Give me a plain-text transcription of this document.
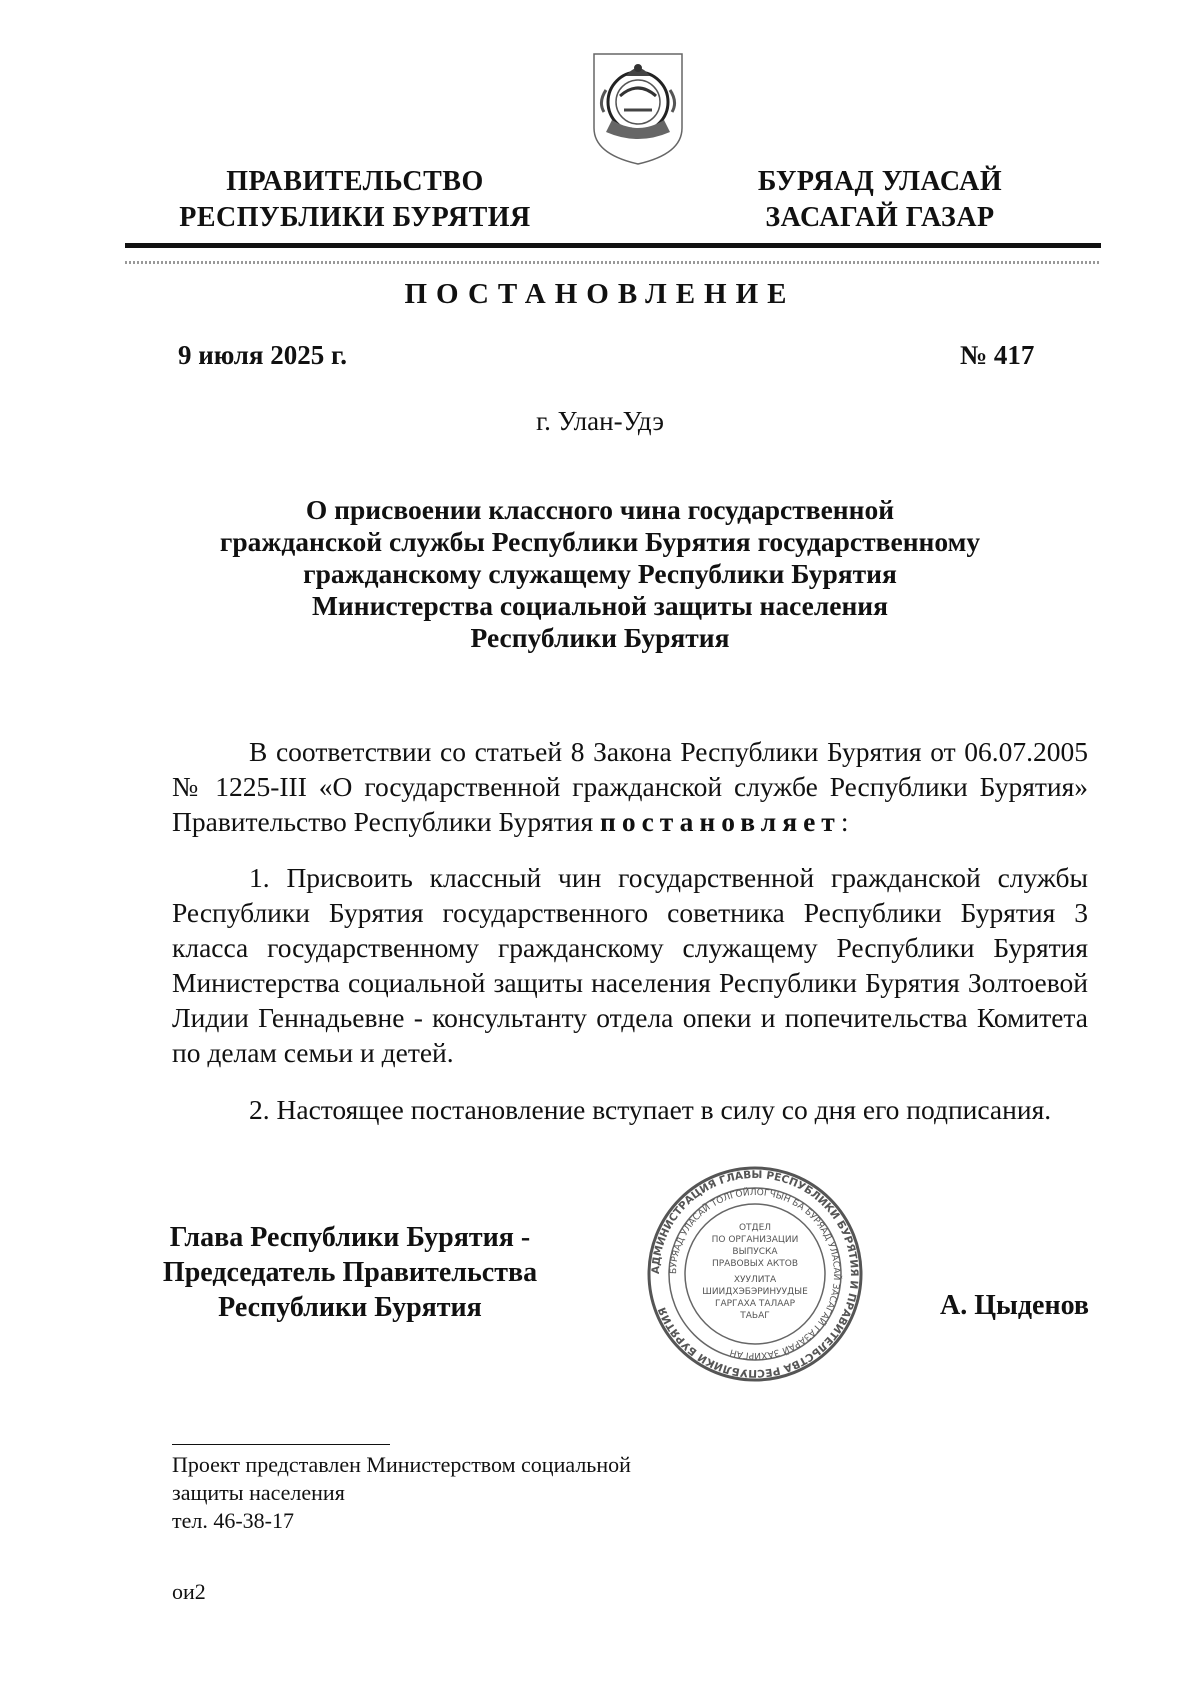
ПРАВИТЕЛЬСТВО
РЕСПУБЛИКИ БУРЯТИЯ
БУРЯАД УЛАСАЙ
ЗАСАГАЙ ГАЗАР
ПОСТАНОВЛЕНИЕ
9 июля 2025 г.	№ 417
г. Улан-Удэ
О присвоении классного чина государственной
гражданской службы Республики Бурятия государственному
гражданскому служащему Республики Бурятия
Министерства социальной защиты населения
Республики Бурятия
В соответствии со статьей 8 Закона Республики Бурятия от 06.07.2005 № 1225-III «О государственной гражданской службе Республики Бурятия» Правительство Республики Бурятия постановляет:
1. Присвоить классный чин государственной гражданской службы Республики Бурятия государственного советника Республики Бурятия 3 класса государственному гражданскому служащему Республики Бурятия Министерства социальной защиты населения Республики Бурятия Золтоевой Лидии Геннадьевне - консультанту отдела опеки и попечительства Комитета по делам семьи и детей.
2. Настоящее постановление вступает в силу со дня его подписания.
Глава Республики Бурятия -
Председатель Правительства
Республики Бурятия
АДМИНИСТРАЦИЯ ГЛАВЫ РЕСПУБЛИКИ БУРЯТИЯ И ПРАВИТЕЛЬСТВА РЕСПУБЛИКИ БУРЯТИЯ
БУРЯАД УЛАСАЙ ТОЛГОЙЛОГЧЫН БА БУРЯАД УЛАСАЙ ЗАСАГАЙ ГАЗАРАЙ ЗАХИРГАН
ОТДЕЛ
ПО ОРГАНИЗАЦИИ
ВЫПУСКА
ПРАВОВЫХ АКТОВ
ХУУЛИТА
ШИИДХЭБЭРИНУУДЫЕ
ГАРГАХА ТАЛААР
ТАЬАГ	А. Цыденов
Проект представлен Министерством социальной
защиты населения
тел. 46-38-17
ои2
